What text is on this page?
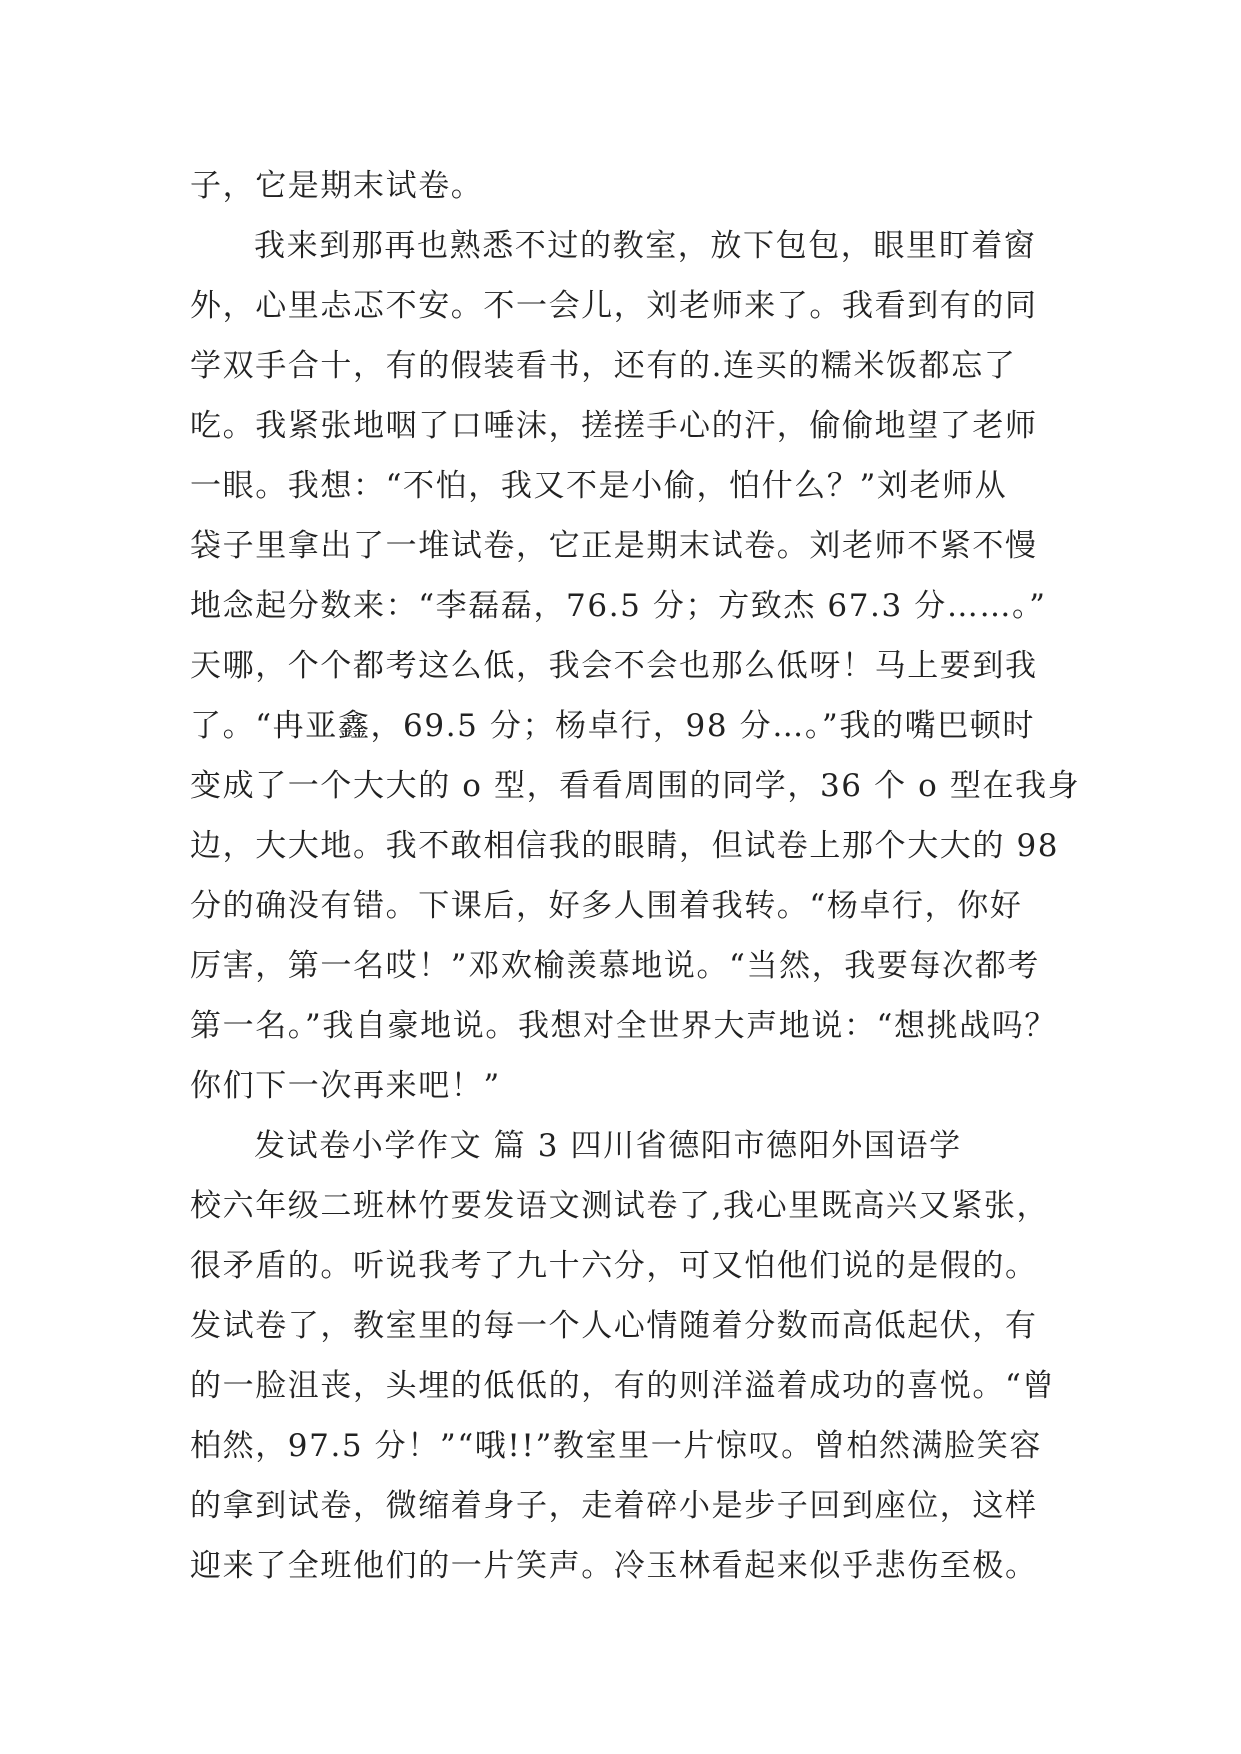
子，它是期末试卷。
我来到那再也熟悉不过的教室，放下包包，眼里盯着窗
外，心里忐忑不安。不一会儿，刘老师来了。我看到有的同
学双手合十，有的假装看书，还有的.连买的糯米饭都忘了
吃。我紧张地咽了口唾沫，搓搓手心的汗，偷偷地望了老师
一眼。我想：“不怕，我又不是小偷，怕什么？”刘老师从
袋子里拿出了一堆试卷，它正是期末试卷。刘老师不紧不慢
地念起分数来：“李磊磊，76.5 分；方致杰 67.3 分……。”
天哪，个个都考这么低，我会不会也那么低呀！马上要到我
了。“冉亚鑫，69.5 分；杨卓行，98 分…。”我的嘴巴顿时
变成了一个大大的 o 型，看看周围的同学，36 个 o 型在我身
边，大大地。我不敢相信我的眼睛，但试卷上那个大大的 98
分的确没有错。下课后，好多人围着我转。“杨卓行，你好
厉害，第一名哎！”邓欢榆羡慕地说。“当然，我要每次都考
第一名。”我自豪地说。我想对全世界大声地说：“想挑战吗？
你们下一次再来吧！”
发试卷小学作文 篇 3 四川省德阳市德阳外国语学
校六年级二班林竹要发语文测试卷了,我心里既高兴又紧张，
很矛盾的。听说我考了九十六分，可又怕他们说的是假的。
发试卷了，教室里的每一个人心情随着分数而高低起伏，有
的一脸沮丧，头埋的低低的，有的则洋溢着成功的喜悦。“曾
柏然，97.5 分！”“哦!!”教室里一片惊叹。曾柏然满脸笑容
的拿到试卷，微缩着身子，走着碎小是步子回到座位，这样
迎来了全班他们的一片笑声。冷玉林看起来似乎悲伤至极。
